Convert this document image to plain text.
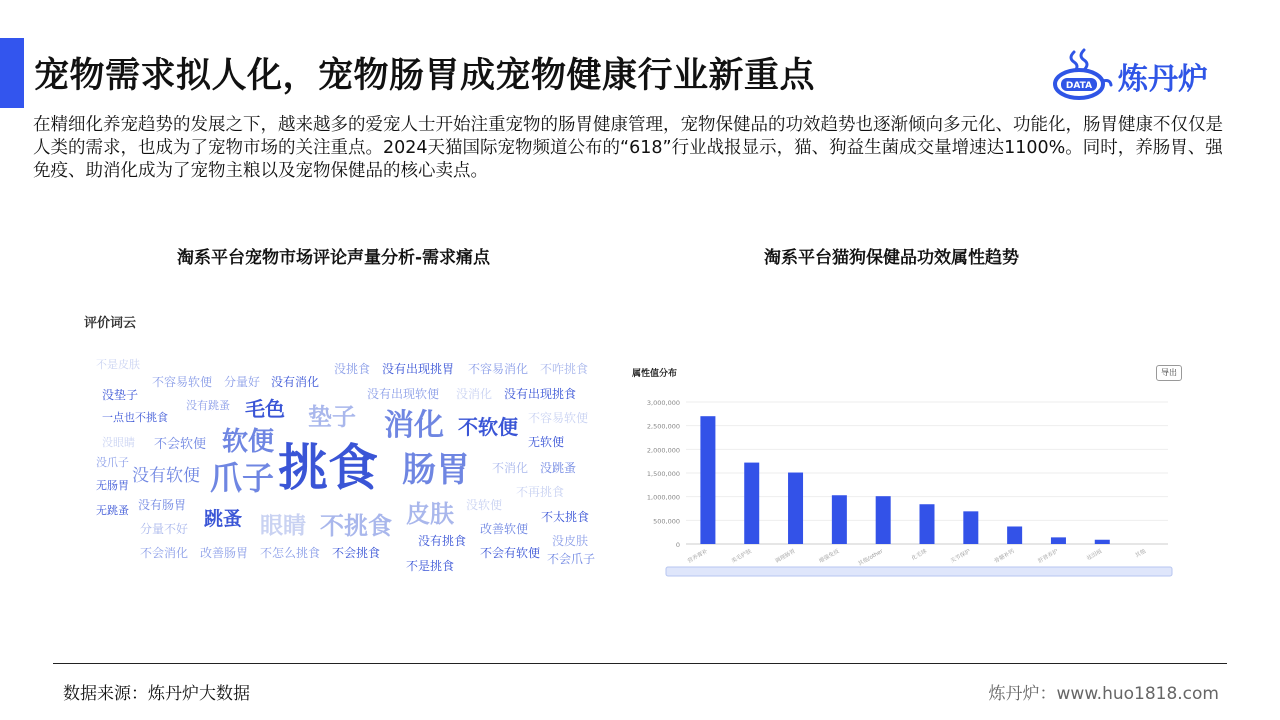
宠物需求拟人化，宠物肠胃成宠物健康行业新重点	DATA 炼丹炉
在精细化养宠趋势的发展之下，越来越多的爱宠人士开始注重宠物的肠胃健康管理，宠物保健品的功效趋势也逐渐倾向多元化、功能化，肠胃健康不仅仅是人类的需求，也成为了宠物市场的关注重点。2024天猫国际宠物频道公布的“618”行业战报显示，猫、狗益生菌成交量增速达1100%。同时，养肠胃、强免疫、助消化成为了宠物主粮以及宠物保健品的核心卖点。
淘系平台宠物市场评论声量分析-需求痛点	淘系平台猫狗保健品功效属性趋势
评价词云
不是皮肤	没挑食 没有出现挑胃 不容易消化 不咋挑食
没垫子
不容易软便 分量好 没有消化
没有出现软便 没消化 没有出现挑食
一点也不挑食
没有跳蚤 毛色 垫子 消化 不软便 不容易软便
没眼睛 不会软便 软便	无软便
没爪子
没有软便 爪子 挑食 肠胃 不消化 没跳蚤
无肠胃
没有肠胃	皮肤 没软便
不再挑食
无跳蚤	跳蚤 眼睛 不挑食	不太挑食
分量不好	改善软便
没皮肤
不会消化 改善肠胃 不怎么挑食 不会挑食
没有挑食
不会有软便 不会爪子
不是挑食
属性值分布	导出
0
500,000
1,000,000
1,500,000
2,000,000
2,500,000
3,000,000
营养膏补	美毛护肤	调理肠胃	增强免疫	其他/other	化毛球	关节保护	骨骼补钙	肝肾养护	祛泪痕	其他
数据来源：炼丹炉大数据	炼丹炉：www.huo1818.com
